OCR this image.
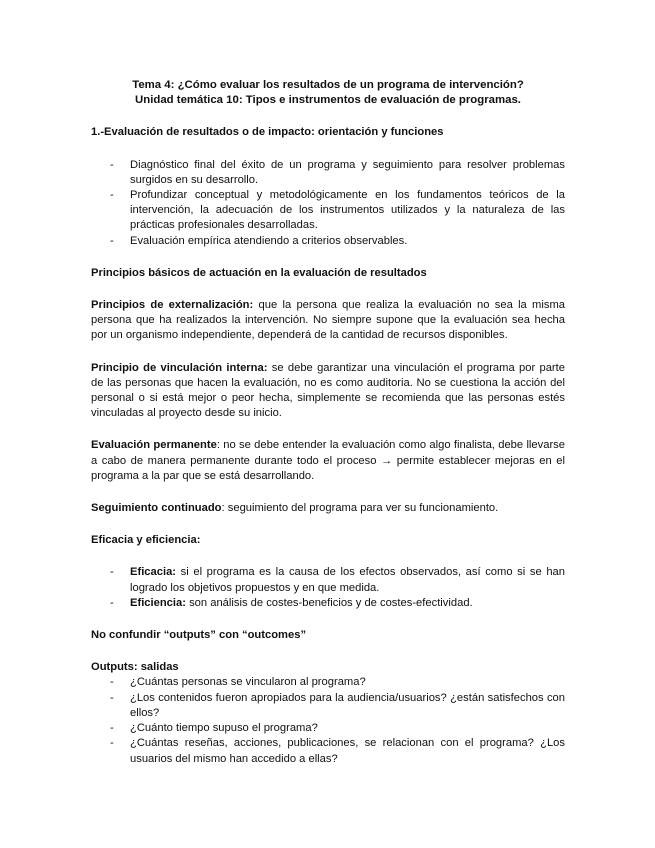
Tema 4: ¿Cómo evaluar los resultados de un programa de intervención?

Unidad temática 10: Tipos e instrumentos de evaluación de programas.

1.-Evaluación de resultados o de impacto: orientación y funciones

- Diagnóstico final del éxito de un programa y seguimiento para resolver problemas surgidos en su desarrollo.
- Profundizar conceptual y metodológicamente en los fundamentos teóricos de la intervención, la adecuación de los instrumentos utilizados y la naturaleza de las prácticas profesionales desarrolladas.
- Evaluación empírica atendiendo a criterios observables.

Principios básicos de actuación en la evaluación de resultados

Principios de externalización: que la persona que realiza la evaluación no sea la misma persona que ha realizados la intervención. No siempre supone que la evaluación sea hecha por un organismo independiente, dependerá de la cantidad de recursos disponibles.

Principio de vinculación interna: se debe garantizar una vinculación el programa por parte de las personas que hacen la evaluación, no es como auditoria. No se cuestiona la acción del personal o si está mejor o peor hecha, simplemente se recomienda que las personas estés vinculadas al proyecto desde su inicio.

Evaluación permanente: no se debe entender la evaluación como algo finalista, debe llevarse a cabo de manera permanente durante todo el proceso → permite establecer mejoras en el programa a la par que se está desarrollando.

Seguimiento continuado: seguimiento del programa para ver su funcionamiento.

Eficacia y eficiencia:

- Eficacia: si el programa es la causa de los efectos observados, así como si se han logrado los objetivos propuestos y en que medida.
- Eficiencia: son análisis de costes-beneficios y de costes-efectividad.

No confundir “outputs” con “outcomes”

Outputs: salidas

- ¿Cuántas personas se vincularon al programa?
- ¿Los contenidos fueron apropiados para la audiencia/usuarios? ¿están satisfechos con ellos?
- ¿Cuánto tiempo supuso el programa?
- ¿Cuántas reseñas, acciones, publicaciones, se relacionan con el programa? ¿Los usuarios del mismo han accedido a ellas?
